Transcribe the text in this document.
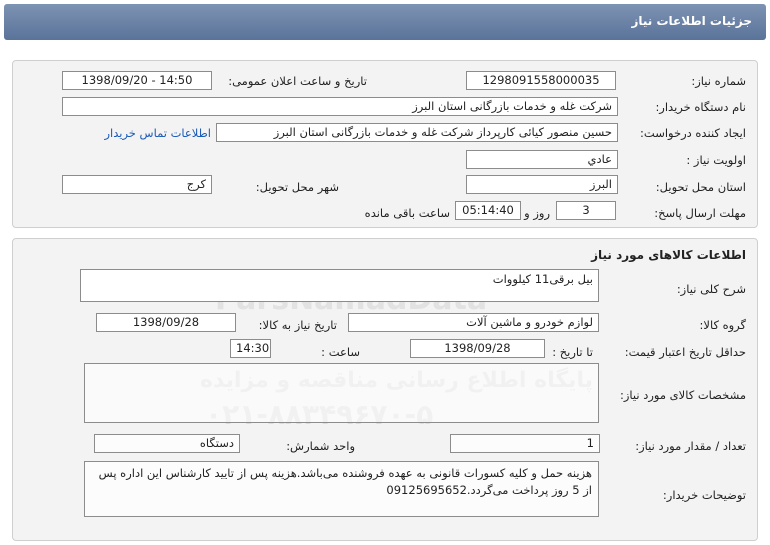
جزئیات اطلاعات نیاز
شماره نیاز:
1298091558000035
تاریخ و ساعت اعلان عمومی:
1398/09/20 - 14:50
نام دستگاه خریدار:
شرکت غله و خدمات بازرگانی استان البرز
ایجاد کننده درخواست:
حسین منصور کیائی کارپرداز شرکت غله و خدمات بازرگانی استان البرز
اطلاعات تماس خریدار
اولویت نیاز :
عادي
استان محل تحویل:
البرز
شهر محل تحویل:
کرج
مهلت ارسال پاسخ:
3
روز و
05:14:40
ساعت باقی مانده
اطلاعات کالاهای مورد نیاز
شرح کلی نیاز:
بیل برقی11 کیلووات
گروه کالا:
لوازم خودرو و ماشین آلات
تاریخ نیاز به کالا:
1398/09/28
حداقل تاریخ اعتبار قیمت:
تا تاریخ :
1398/09/28
ساعت :
14:30
مشخصات کالای مورد نیاز:
تعداد / مقدار مورد نیاز:
1
واحد شمارش:
دستگاه
توضیحات خریدار:
هزینه حمل و کلیه کسورات قانونی به عهده فروشنده می‌باشد.هزینه پس از تایید کارشناس این اداره پس از 5 روز پرداخت می‌گردد.09125695652
